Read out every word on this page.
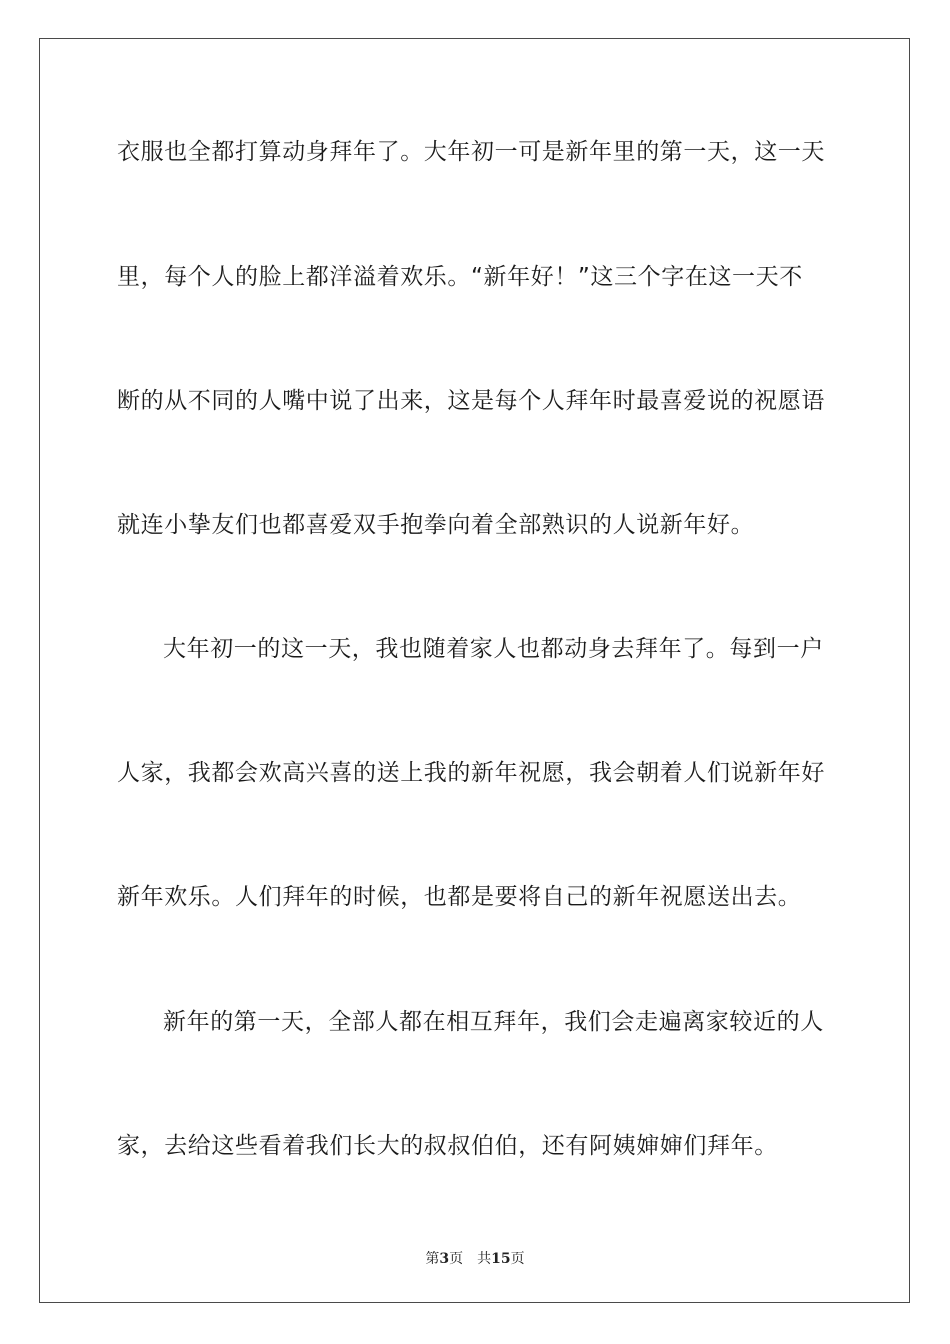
衣服也全都打算动身拜年了。大年初一可是新年里的第一天，这一天
里，每个人的脸上都洋溢着欢乐。“新年好！”这三个字在这一天不
断的从不同的人嘴中说了出来，这是每个人拜年时最喜爱说的祝愿语
就连小挚友们也都喜爱双手抱拳向着全部熟识的人说新年好。
大年初一的这一天，我也随着家人也都动身去拜年了。每到一户
人家，我都会欢高兴喜的送上我的新年祝愿，我会朝着人们说新年好
新年欢乐。人们拜年的时候，也都是要将自己的新年祝愿送出去。
新年的第一天，全部人都在相互拜年，我们会走遍离家较近的人
家，去给这些看着我们长大的叔叔伯伯，还有阿姨婶婶们拜年。
第3页 共15页
